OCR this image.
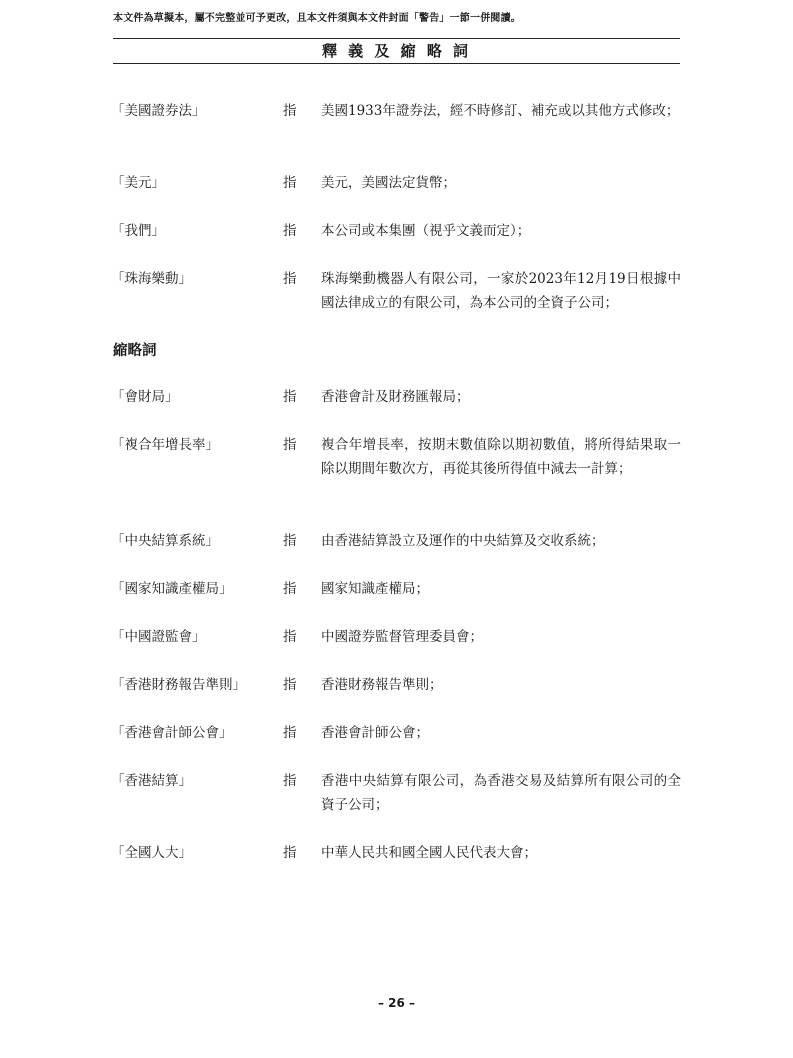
本文件為草擬本，屬不完整並可予更改，且本文件須與本文件封面「警告」一節一併閱讀。
釋 義 及 縮 略 詞
「美國證券法」	指 美國1933年證券法，經不時修訂、補充或以其他方式修改；
「美元」	指 美元，美國法定貨幣；
「我們」	指 本公司或本集團（視乎文義而定）；
「珠海樂動」	指 珠海樂動機器人有限公司，一家於2023年12月19日根據中國法律成立的有限公司，為本公司的全資子公司；
縮略詞
「會財局」	指 香港會計及財務匯報局；
「複合年增長率」	指 複合年增長率，按期末數值除以期初數值，將所得結果取一除以期間年數次方，再從其後所得值中減去一計算；
「中央結算系統」	指 由香港結算設立及運作的中央結算及交收系統；
「國家知識產權局」	指 國家知識產權局；
「中國證監會」	指 中國證券監督管理委員會；
「香港財務報告準則」	指 香港財務報告準則；
「香港會計師公會」	指 香港會計師公會；
「香港結算」	指 香港中央結算有限公司，為香港交易及結算所有限公司的全資子公司；
「全國人大」	指 中華人民共和國全國人民代表大會；
– 26 –
